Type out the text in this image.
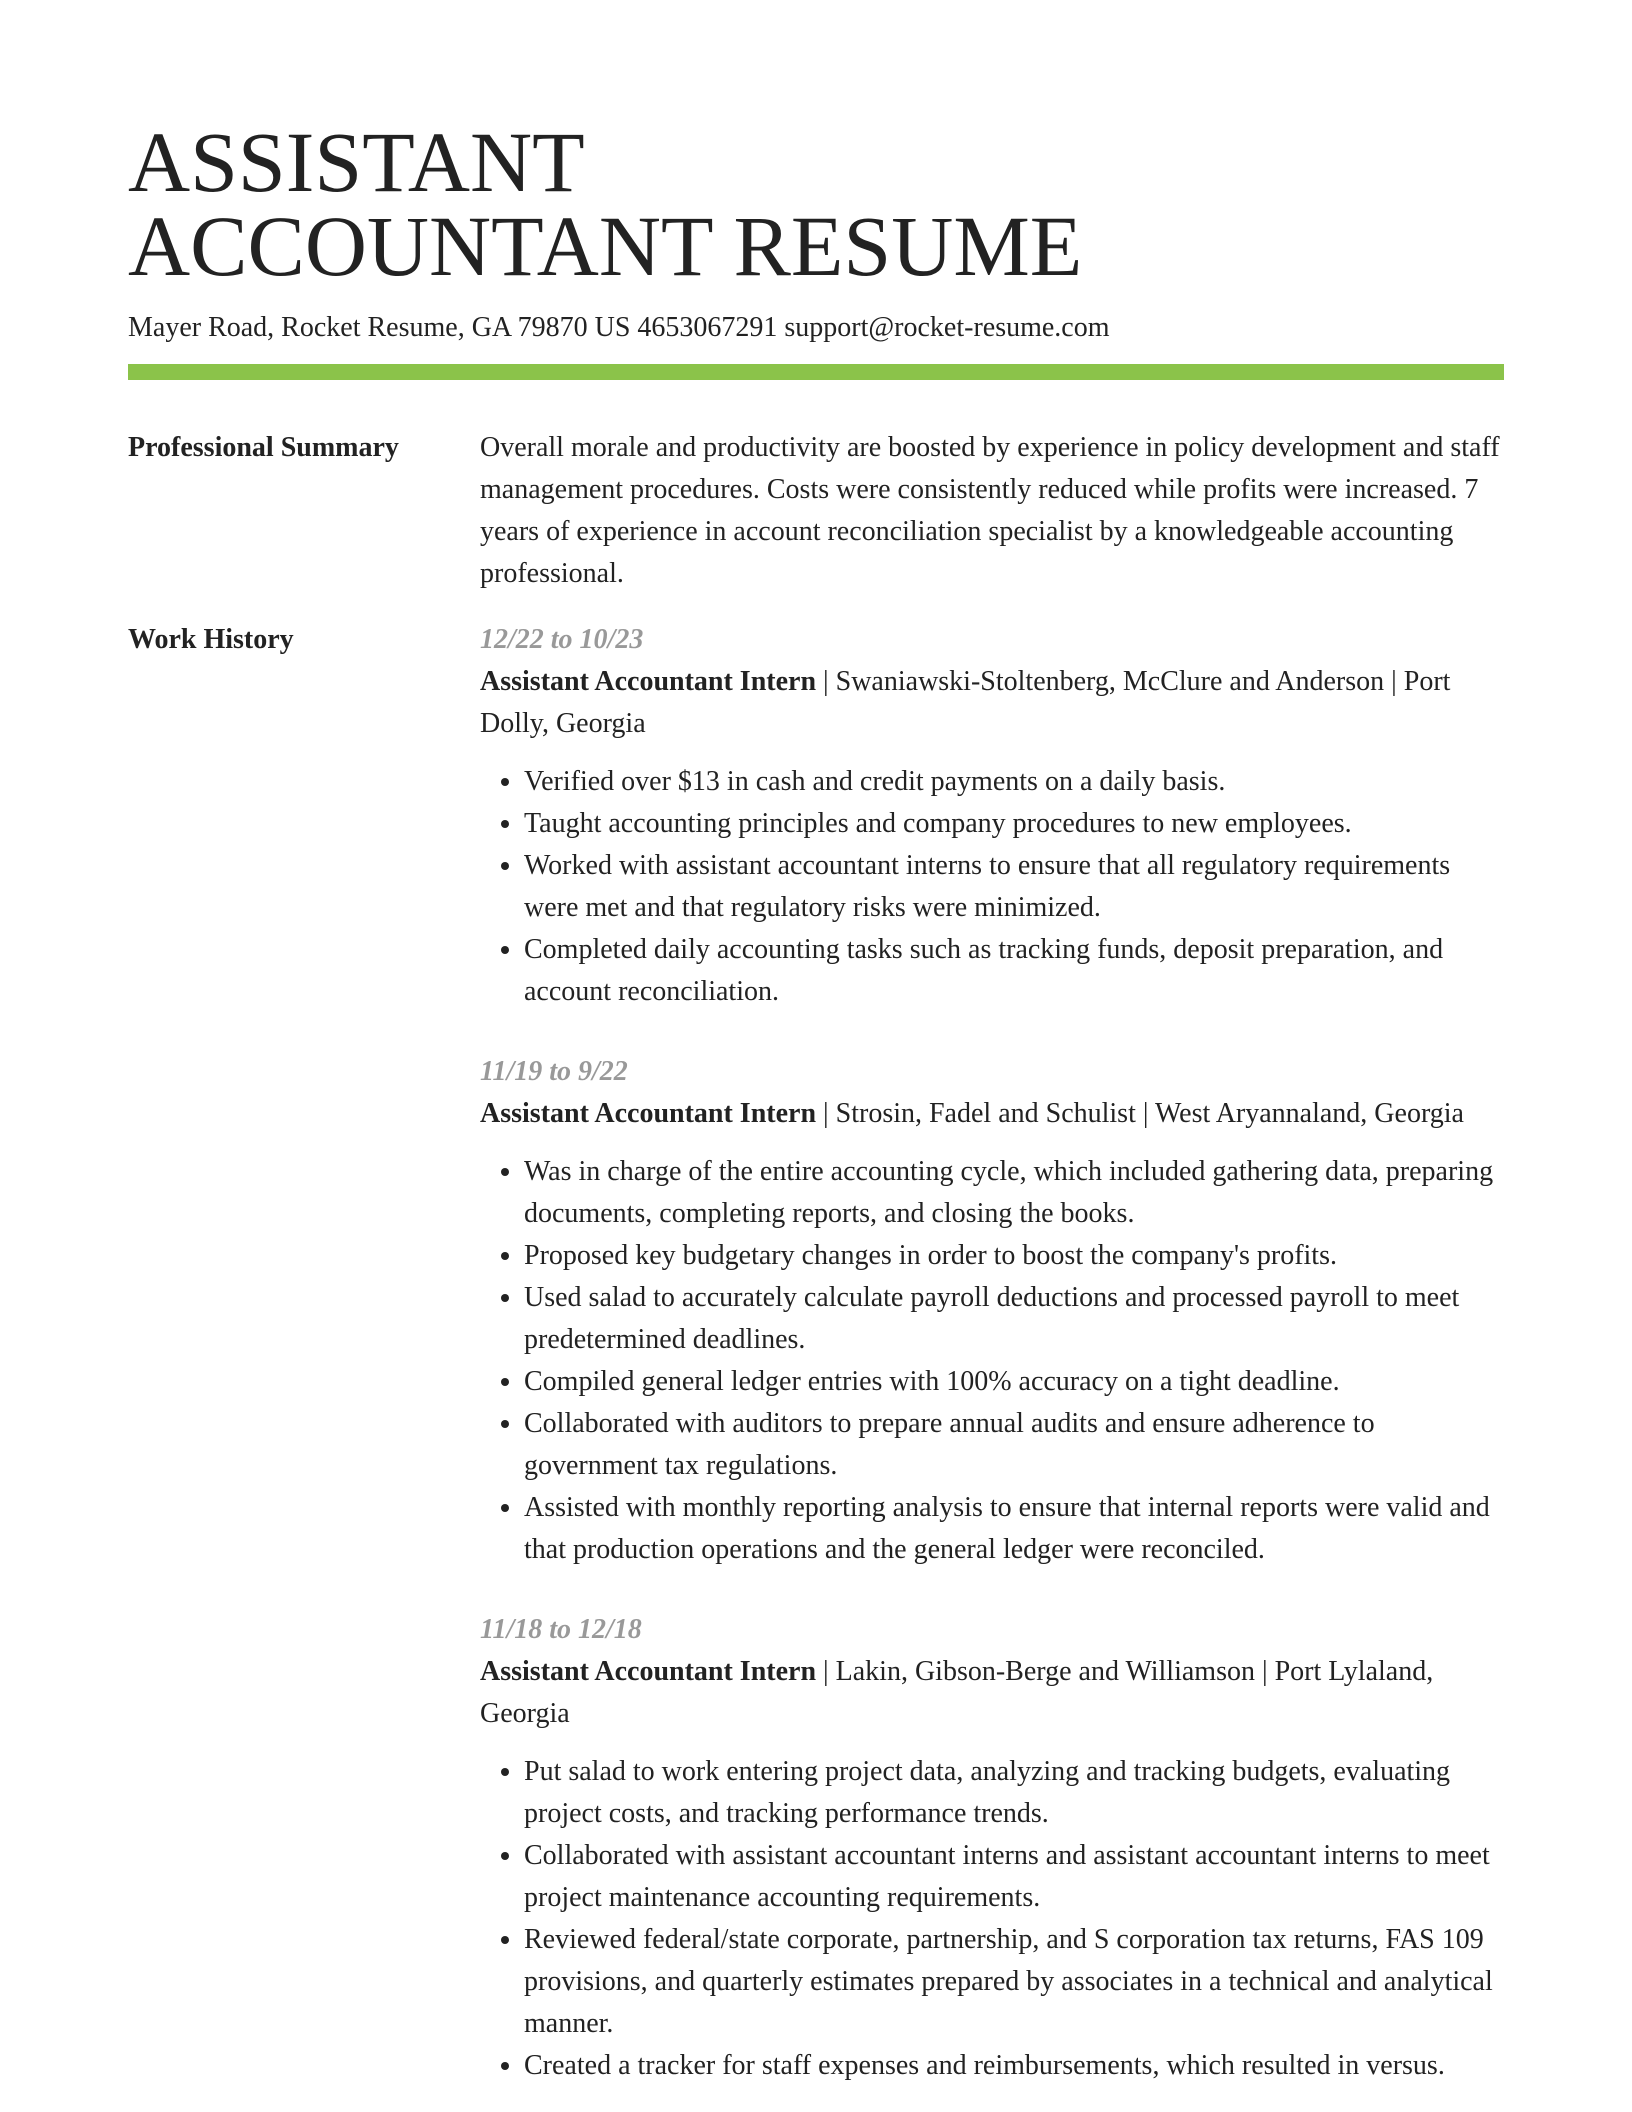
ASSISTANT
ACCOUNTANT RESUME
Mayer Road, Rocket Resume, GA 79870 US 4653067291 support@rocket-resume.com
Professional Summary	Overall morale and productivity are boosted by experience in policy development and staff management procedures. Costs were consistently reduced while profits were increased. 7 years of experience in account reconciliation specialist by a knowledgeable accounting professional.
Work History	12/22 to 10/23
Assistant Accountant Intern | Swaniawski-Stoltenberg, McClure and Anderson | Port Dolly, Georgia
• Verified over $13 in cash and credit payments on a daily basis.
• Taught accounting principles and company procedures to new employees.
• Worked with assistant accountant interns to ensure that all regulatory requirements were met and that regulatory risks were minimized.
• Completed daily accounting tasks such as tracking funds, deposit preparation, and account reconciliation.
11/19 to 9/22
Assistant Accountant Intern | Strosin, Fadel and Schulist | West Aryannaland, Georgia
• Was in charge of the entire accounting cycle, which included gathering data, preparing documents, completing reports, and closing the books.
• Proposed key budgetary changes in order to boost the company's profits.
• Used salad to accurately calculate payroll deductions and processed payroll to meet predetermined deadlines.
• Compiled general ledger entries with 100% accuracy on a tight deadline.
• Collaborated with auditors to prepare annual audits and ensure adherence to government tax regulations.
• Assisted with monthly reporting analysis to ensure that internal reports were valid and that production operations and the general ledger were reconciled.
11/18 to 12/18
Assistant Accountant Intern | Lakin, Gibson-Berge and Williamson | Port Lylaland, Georgia
• Put salad to work entering project data, analyzing and tracking budgets, evaluating project costs, and tracking performance trends.
• Collaborated with assistant accountant interns and assistant accountant interns to meet project maintenance accounting requirements.
• Reviewed federal/state corporate, partnership, and S corporation tax returns, FAS 109 provisions, and quarterly estimates prepared by associates in a technical and analytical manner.
• Created a tracker for staff expenses and reimbursements, which resulted in versus.
